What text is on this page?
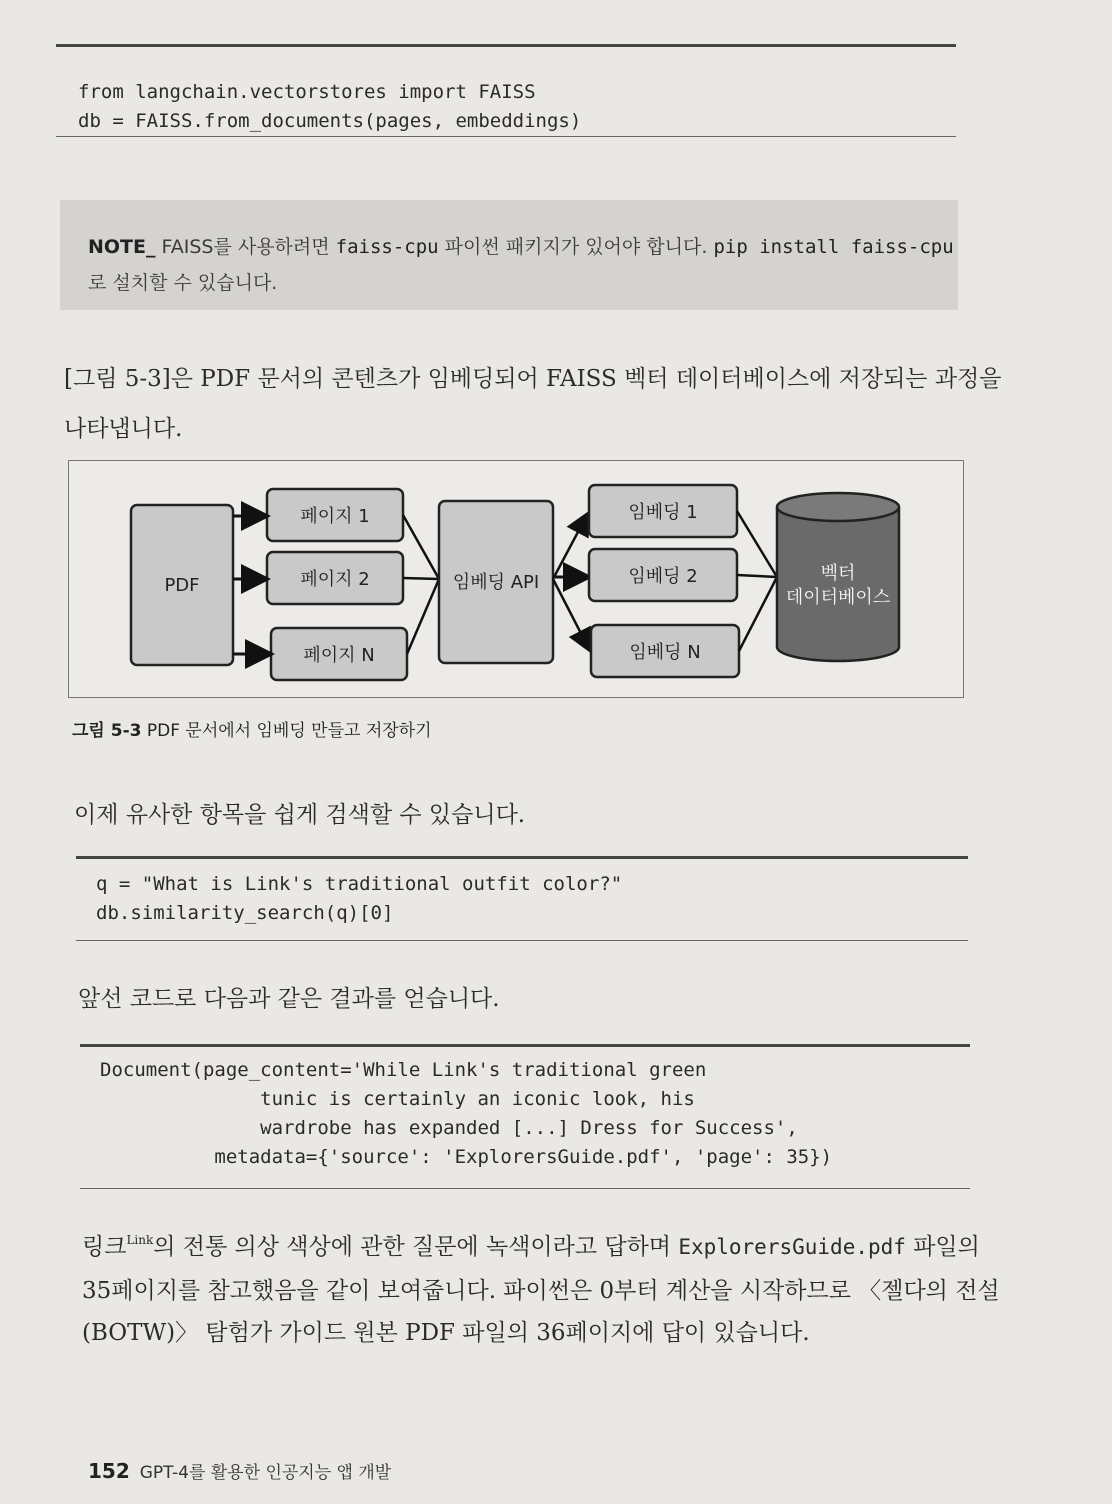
from langchain.vectorstores import FAISS
db = FAISS.from_documents(pages, embeddings)
NOTE_ FAISS를 사용하려면 faiss-cpu 파이썬 패키지가 있어야 합니다. pip install faiss-cpu
로 설치할 수 있습니다.
[그림 5-3]은 PDF 문서의 콘텐츠가 임베딩되어 FAISS 벡터 데이터베이스에 저장되는 과정을
나타냅니다.
PDF
페이지 1
페이지 2
페이지 N
임베딩 API
임베딩 1
임베딩 2
임베딩 N
벡터
데이터베이스
그림 5-3 PDF 문서에서 임베딩 만들고 저장하기
이제 유사한 항목을 쉽게 검색할 수 있습니다.
q = "What is Link's traditional outfit color?"
db.similarity_search(q)[0]
앞선 코드로 다음과 같은 결과를 얻습니다.
Document(page_content='While Link's traditional green
tunic is certainly an iconic look, his
wardrobe has expanded [...] Dress for Success',
metadata={'source': 'ExplorersGuide.pdf', 'page': 35})
링크$^{Link}$의 전통 의상 색상에 관한 질문에 녹색이라고 답하며 ExplorersGuide.pdf 파일의
35페이지를 참고했음을 같이 보여줍니다. 파이썬은 0부터 계산을 시작하므로 〈젤다의 전설
(BOTW)〉 탐험가 가이드 원본 PDF 파일의 36페이지에 답이 있습니다.
152 GPT-4를 활용한 인공지능 앱 개발
